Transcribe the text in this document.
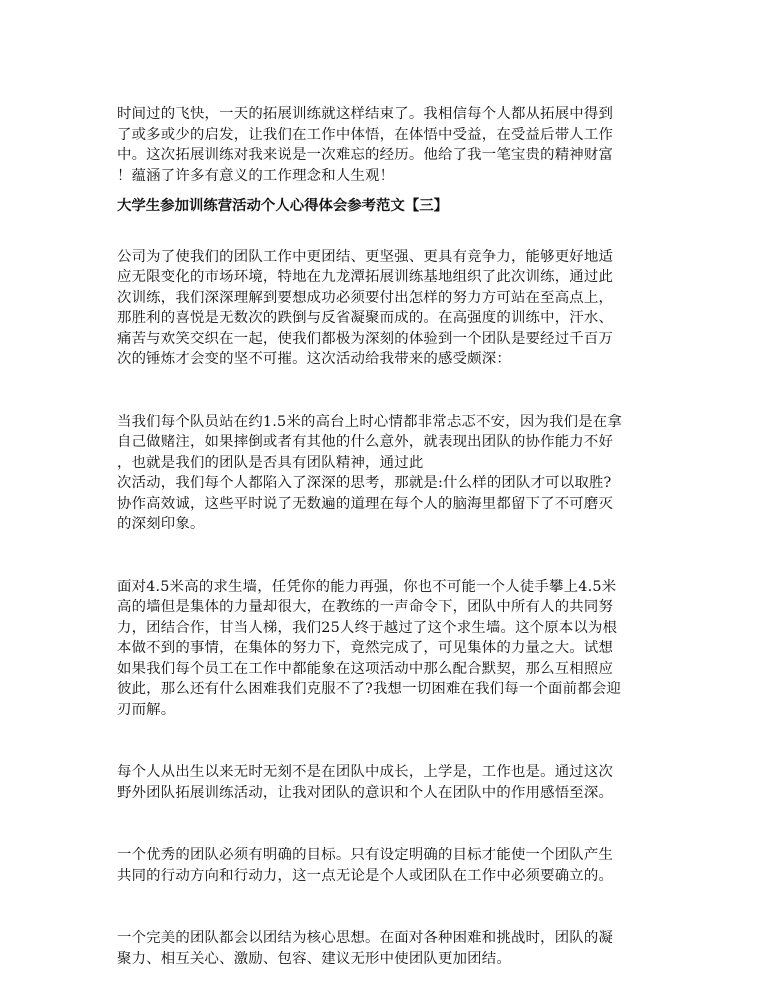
时间过的飞快，一天的拓展训练就这样结束了。我相信每个人都从拓展中得到
了或多或少的启发，让我们在工作中体悟，在体悟中受益，在受益后带人工作
中。这次拓展训练对我来说是一次难忘的经历。他给了我一笔宝贵的精神财富
！蕴涵了许多有意义的工作理念和人生观！
大学生参加训练营活动个人心得体会参考范文【三】
公司为了使我们的团队工作中更团结、更坚强、更具有竞争力，能够更好地适
应无限变化的市场环境，特地在九龙潭拓展训练基地组织了此次训练，通过此
次训练，我们深深理解到要想成功必须要付出怎样的努力方可站在至高点上，
那胜利的喜悦是无数次的跌倒与反省凝聚而成的。在高强度的训练中，汗水、
痛苦与欢笑交织在一起，使我们都极为深刻的体验到一个团队是要经过千百万
次的锤炼才会变的坚不可摧。这次活动给我带来的感受颇深：
当我们每个队员站在约1.5米的高台上时心情都非常忐忑不安，因为我们是在拿
自己做赌注，如果摔倒或者有其他的什么意外，就表现出团队的协作能力不好
，也就是我们的团队是否具有团队精神，通过此
次活动，我们每个人都陷入了深深的思考，那就是:什么样的团队才可以取胜?
协作高效诚，这些平时说了无数遍的道理在每个人的脑海里都留下了不可磨灭
的深刻印象。
面对4.5米高的求生墙，任凭你的能力再强，你也不可能一个人徒手攀上4.5米
高的墙但是集体的力量却很大，在教练的一声命令下，团队中所有人的共同努
力，团结合作，甘当人梯，我们25人终于越过了这个求生墙。这个原本以为根
本做不到的事情，在集体的努力下，竟然完成了，可见集体的力量之大。试想
如果我们每个员工在工作中都能象在这项活动中那么配合默契，那么互相照应
彼此，那么还有什么困难我们克服不了?我想一切困难在我们每一个面前都会迎
刃而解。
每个人从出生以来无时无刻不是在团队中成长，上学是，工作也是。通过这次
野外团队拓展训练活动，让我对团队的意识和个人在团队中的作用感悟至深。
一个优秀的团队必须有明确的目标。只有设定明确的目标才能使一个团队产生
共同的行动方向和行动力，这一点无论是个人或团队在工作中必须要确立的。
一个完美的团队都会以团结为核心思想。在面对各种困难和挑战时，团队的凝
聚力、相互关心、激励、包容、建议无形中使团队更加团结。
